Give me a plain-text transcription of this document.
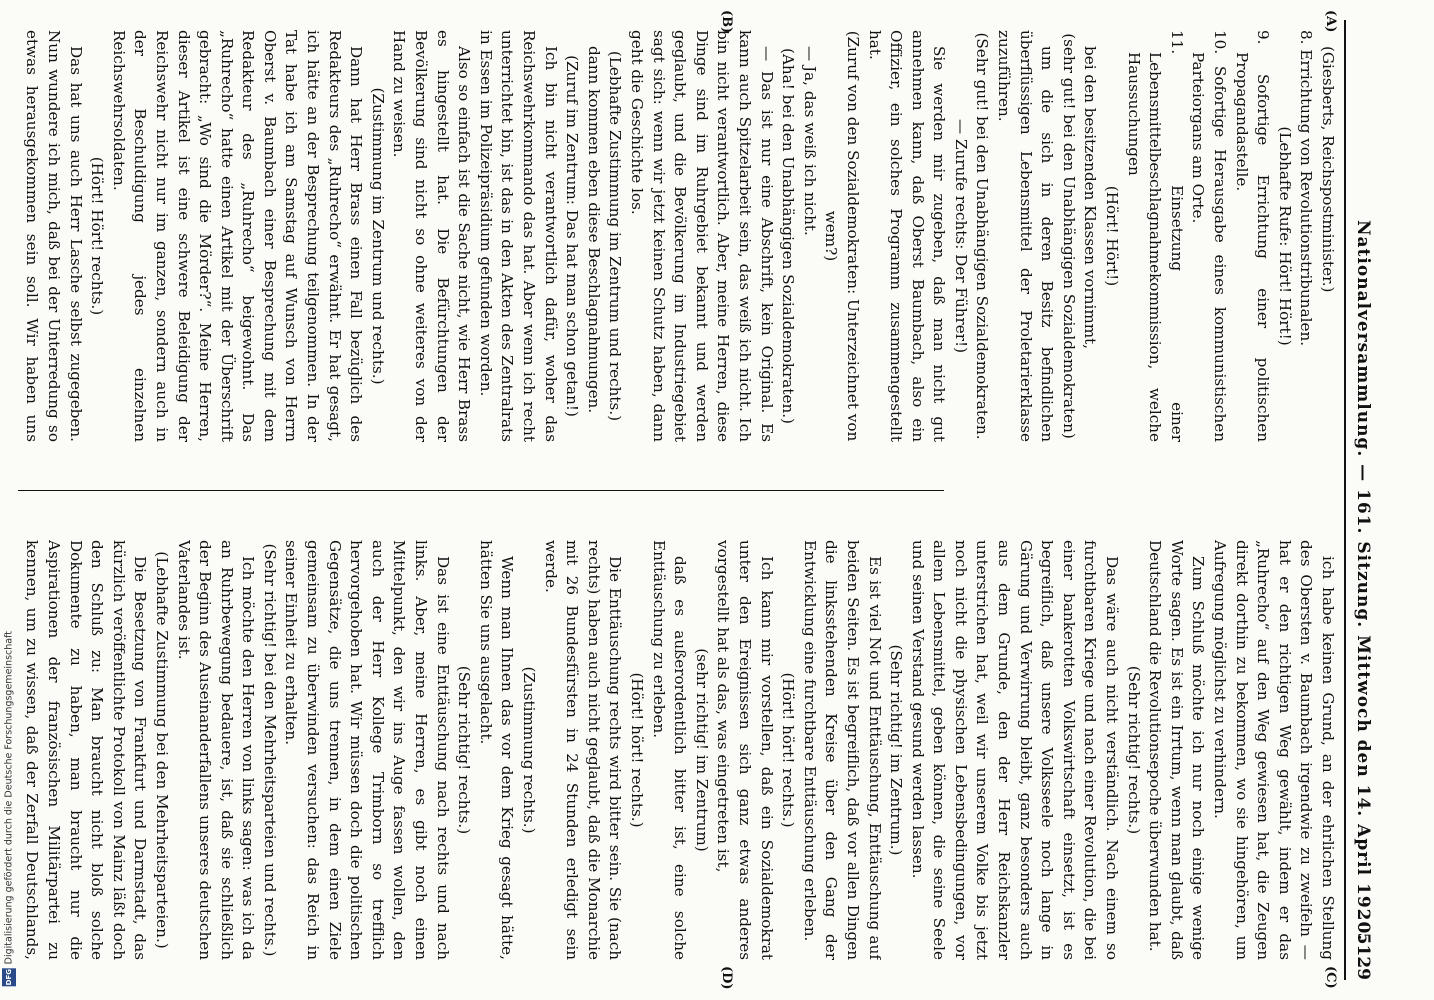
Nationalversammlung. — 161. Sitzung. Mittwoch den 14. April 1920.
5129

(Giesberts, Reichspostminister.)

8. Errichtung von Revolutionstribunalen.

(Lebhafte Rufe: Hört! Hört!)

9. Sofortige Errichtung einer politischen Propagandastelle.

10. Sofortige Herausgabe eines kommunistischen Parteiorgans am Orte.

11. Einsetzung einer Lebensmittelbeschlagnahmekommission, welche Haussuchungen

(Hört! Hört!)

bei den besitzenden Klassen vornimmt,

(sehr gut! bei den Unabhängigen Sozialdemokraten)

um die sich in deren Besitz befindlichen überflüssigen Lebensmittel der Proletarierklasse zuzuführen.

(Sehr gut! bei den Unabhängigen Sozialdemokraten. — Zurufe rechts: Der Führer!)

Sie werden mir zugeben, daß man nicht gut annehmen kann, daß Oberst Baumbach, also ein Offizier, ein solches Programm zusammengestellt hat.

(Zuruf von den Sozialdemokraten: Unterzeichnet von wem?)

— Ja, das weiß ich nicht.

(Aha! bei den Unabhängigen Sozialdemokraten.)

— Das ist nur eine Abschrift, kein Original. Es kann auch Spitzelarbeit sein, das weiß ich nicht. Ich bin nicht verantwortlich. Aber, meine Herren, diese Dinge sind im Ruhrgebiet bekannt und werden geglaubt, und die Bevölkerung im Industriegebiet sagt sich: wenn wir jetzt keinen Schutz haben, dann geht die Geschichte los.

(Lebhafte Zustimmung im Zentrum und rechts.)

dann kommen eben diese Beschlagnahmungen.

(Zuruf im Zentrum: Das hat man schon getan!)

Ich bin nicht verantwortlich dafür, woher das Reichswehrkommando das hat. Aber wenn ich recht unterrichtet bin, ist das in den Akten des Zentralrats in Essen im Polizeipräsidium gefunden worden.

Also so einfach ist die Sache nicht, wie Herr Brass es hingestellt hat. Die Befürchtungen der Bevölkerung sind nicht so ohne weiteres von der Hand zu weisen.

(Zustimmung im Zentrum und rechts.)

Dann hat Herr Brass einen Fall bezüglich des Redakteurs des „Ruhrecho“ erwähnt. Er hat gesagt, ich hätte an der Besprechung teilgenommen. In der Tat habe ich am Samstag auf Wunsch von Herrn Oberst v. Baumbach einer Besprechung mit dem Redakteur des „Ruhrecho“ beigewohnt. Das „Ruhrecho“ hatte einen Artikel mit der Überschrift gebracht: „Wo sind die Mörder?“. Meine Herren, dieser Artikel ist eine schwere Beleidigung der Reichswehr nicht nur im ganzen, sondern auch in der Beschuldigung jedes einzelnen Reichswehrsoldaten.

(Hört! Hört! rechts.)

Das hat uns auch Herr Lasche selbst zugegeben. Nun wundere ich mich, daß bei der Unterredung so etwas herausgekommen sein soll. Wir haben uns

ich habe keinen Grund, an der ehrlichen Stellung des Obersten v. Baumbach irgendwie zu zweifeln — hat er den richtigen Weg gewählt, indem er das „Ruhrecho“ auf den Weg gewiesen hat, die Zeugen direkt dorthin zu bekommen, wo sie hingehören, um Aufregung möglichst zu verhindern.

Zum Schluß möchte ich nur noch einige wenige Worte sagen. Es ist ein Irrtum, wenn man glaubt, daß Deutschland die Revolutionsepoche überwunden hat.

(Sehr richtig! rechts.)

Das wäre auch nicht verständlich. Nach einem so furchtbaren Kriege und nach einer Revolution, die bei einer bankerotten Volkswirtschaft einsetzt, ist es begreiflich, daß unsere Volksseele noch lange in Gärung und Verwirrung bleibt, ganz besonders auch aus dem Grunde, den der Herr Reichskanzler unterstrichen hat, weil wir unserem Volke bis jetzt noch nicht die physischen Lebensbedingungen, vor allem Lebensmittel, geben können, die seine Seele und seinen Verstand gesund werden lassen.

(Sehr richtig! im Zentrum.)

Es ist viel Not und Enttäuschung, Enttäuschung auf beiden Seiten. Es ist begreiflich, daß vor allen Dingen die linksstehenden Kreise über den Gang der Entwicklung eine furchtbare Enttäuschung erleben.

(Hört! hört! rechts.)

Ich kann mir vorstellen, daß ein Sozialdemokrat unter den Ereignissen sich ganz etwas anderes vorgestellt hat als das, was eingetreten ist,

(sehr richtig! im Zentrum)

daß es außerordentlich bitter ist, eine solche Enttäuschung zu erleben.

(Hört! hört! rechts.)

Die Enttäuschung rechts wird bitter sein. Sie (nach rechts) haben auch nicht geglaubt, daß die Monarchie mit 26 Bundesfürsten in 24 Stunden erledigt sein werde.

(Zustimmung rechts.)

Wenn man Ihnen das vor dem Krieg gesagt hätte, hätten Sie uns ausgelacht.

(Sehr richtig! rechts.)

Das ist eine Enttäuschung nach rechts und nach links. Aber, meine Herren, es gibt noch einen Mittelpunkt, den wir ins Auge fassen wollen, den auch der Herr Kollege Trimborn so trefflich hervorgehoben hat. Wir müssen doch die politischen Gegensätze, die uns trennen, in dem einen Ziele gemeinsam zu überwinden versuchen: das Reich in seiner Einheit zu erhalten.

(Sehr richtig! bei den Mehrheitsparteien und rechts.)

Ich möchte den Herren von links sagen: was ich da an Ruhrbewegung bedauere, ist, daß sie schließlich der Beginn des Auseinanderfallens unseres deutschen Vaterlandes ist.

(Lebhafte Zustimmung bei den Mehrheitsparteien.)

Die Besetzung von Frankfurt und Darmstadt, das kürzlich veröffentlichte Protokoll von Mainz läßt doch den Schluß zu: Man braucht nicht bloß solche Dokumente zu haben, man braucht nur die Aspirationen der französischen Militärpartei zu kennen, um zu wissen, daß der Zerfall Deutschlands,

(A)
(B)
(C)
(D)
DFG
Digitalisierung gefördert durch die Deutsche Forschungsgemeinschaft
